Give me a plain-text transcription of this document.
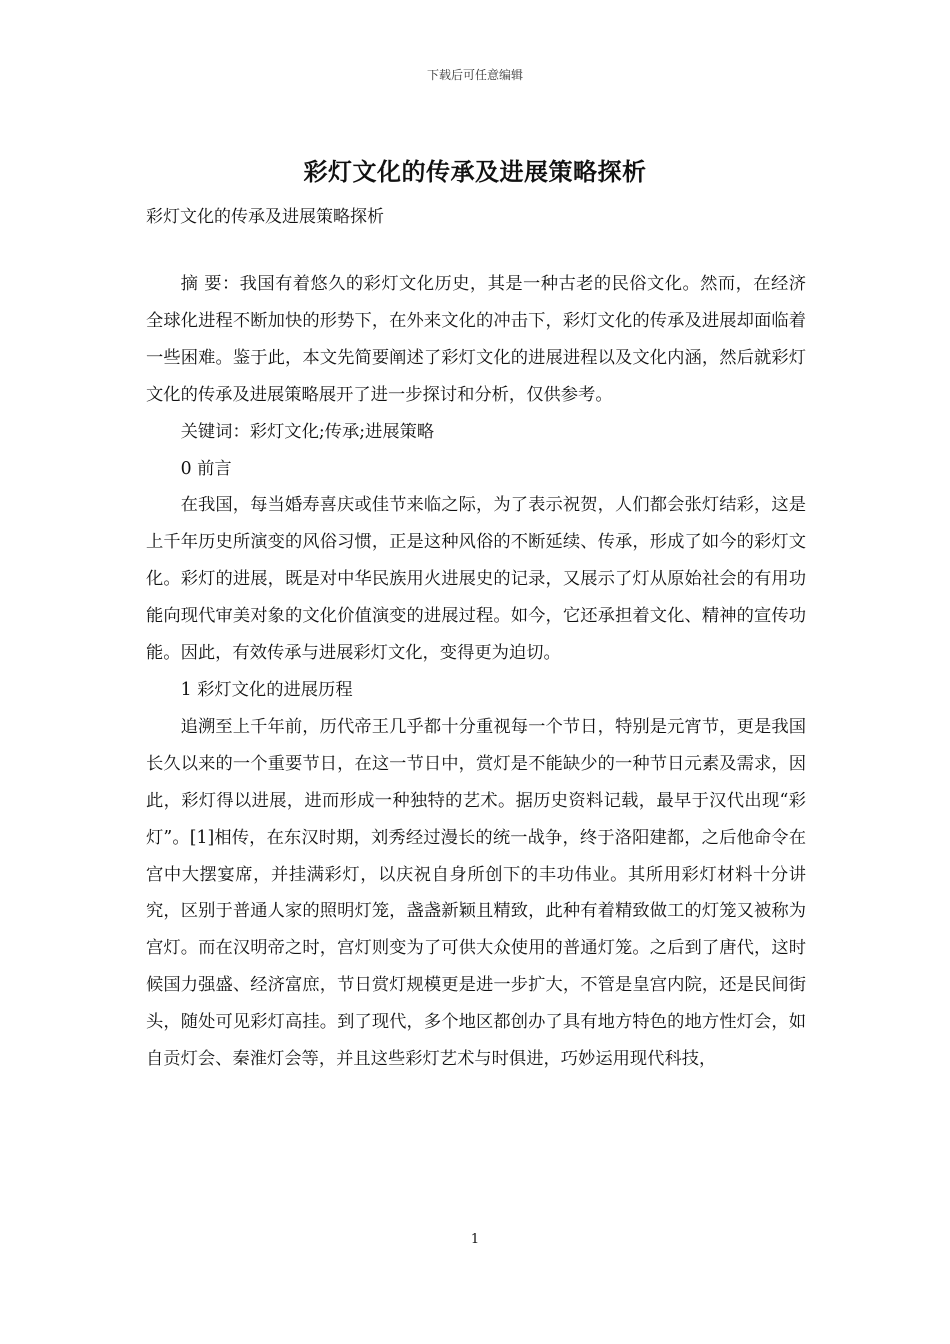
下载后可任意编辑
彩灯文化的传承及进展策略探析
彩灯文化的传承及进展策略探析

摘 要：我国有着悠久的彩灯文化历史，其是一种古老的民俗文化。然而，在经济全球化进程不断加快的形势下，在外来文化的冲击下，彩灯文化的传承及进展却面临着一些困难。鉴于此，本文先简要阐述了彩灯文化的进展进程以及文化内涵，然后就彩灯文化的传承及进展策略展开了进一步探讨和分析，仅供参考。

关键词：彩灯文化;传承;进展策略

0 前言

在我国，每当婚寿喜庆或佳节来临之际，为了表示祝贺，人们都会张灯结彩，这是上千年历史所演变的风俗习惯，正是这种风俗的不断延续、传承，形成了如今的彩灯文化。彩灯的进展，既是对中华民族用火进展史的记录，又展示了灯从原始社会的有用功能向现代审美对象的文化价值演变的进展过程。如今，它还承担着文化、精神的宣传功能。因此，有效传承与进展彩灯文化，变得更为迫切。

1 彩灯文化的进展历程

追溯至上千年前，历代帝王几乎都十分重视每一个节日，特别是元宵节，更是我国长久以来的一个重要节日，在这一节日中，赏灯是不能缺少的一种节日元素及需求，因此，彩灯得以进展，进而形成一种独特的艺术。据历史资料记载，最早于汉代出现“彩灯”。[1]相传，在东汉时期，刘秀经过漫长的统一战争，终于洛阳建都，之后他命令在宫中大摆宴席，并挂满彩灯，以庆祝自身所创下的丰功伟业。其所用彩灯材料十分讲究，区别于普通人家的照明灯笼，盏盏新颖且精致，此种有着精致做工的灯笼又被称为宫灯。而在汉明帝之时，宫灯则变为了可供大众使用的普通灯笼。之后到了唐代，这时候国力强盛、经济富庶，节日赏灯规模更是进一步扩大，不管是皇宫内院，还是民间街头，随处可见彩灯高挂。到了现代，多个地区都创办了具有地方特色的地方性灯会，如自贡灯会、秦淮灯会等，并且这些彩灯艺术与时俱进，巧妙运用现代科技，

1
